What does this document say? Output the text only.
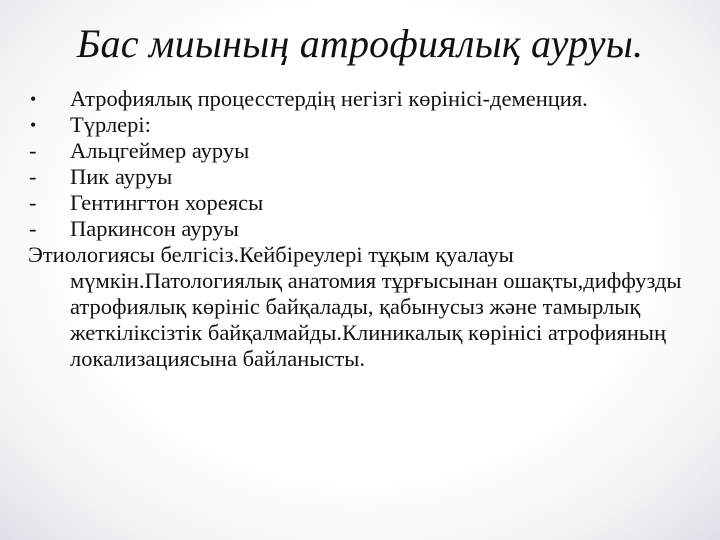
Бас миының атрофиялық ауруы.
•	Атрофиялық процесстердің негізгі көрінісі-деменция.
•	Түрлері:
-	Альцгеймер ауруы
-	Пик ауруы
-	Гентингтон хореясы
-	Паркинсон ауруы
Этиологиясы белгісіз.Кейбіреулері тұқым қуалауы мүмкін.Патологиялық анатомия тұрғысынан ошақты,диффузды атрофиялық көрініс байқалады, қабынусыз және тамырлық жеткіліксізтік байқалмайды.Клиникалық көрінісі атрофияның локализациясына байланысты.
